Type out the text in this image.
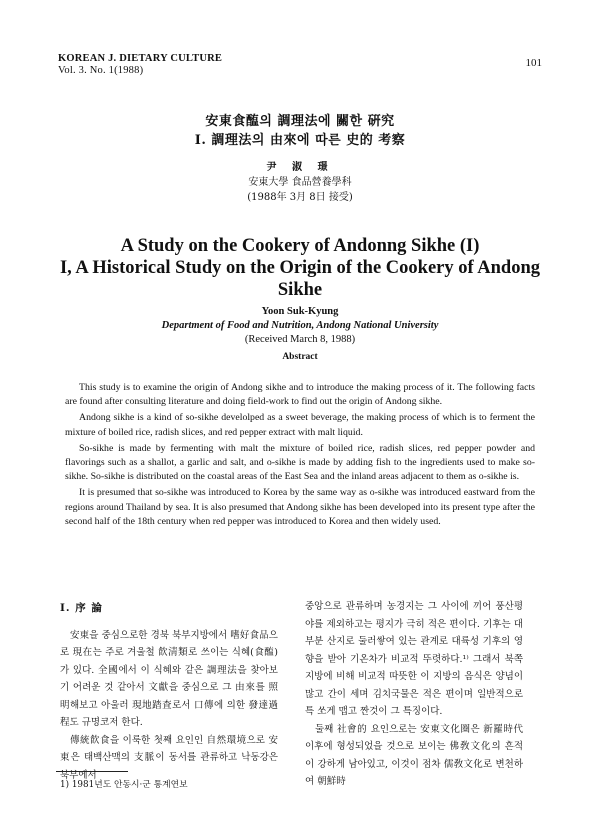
KOREAN J. DIETARY CULTURE
Vol. 3. No. 1(1988)
101
安東食醢의 調理法에 關한 硏究
I. 調理法의 由來에 따른 史的 考察
尹 淑 璟
安東大學 食品營養學科
(1988年 3月 8日 接受)
A Study on the Cookery of Andonng Sikhe (I)
I, A Historical Study on the Origin of the Cookery of Andong Sikhe
Yoon Suk-Kyung
Department of Food and Nutrition, Andong National University
(Received March 8, 1988)
Abstract

This study is to examine the origin of Andong sikhe and to introduce the making process of it. The following facts are found after consulting literature and doing field-work to find out the origin of Andong sikhe.

Andong sikhe is a kind of so-sikhe develolped as a sweet beverage, the making process of which is to ferment the mixture of boiled rice, radish slices, and red pepper extract with malt liquid.

So-sikhe is made by fermenting with malt the mixture of boiled rice, radish slices, red pepper powder and flavorings such as a shallot, a garlic and salt, and o-sikhe is made by adding fish to the ingredients used to make so-sikhe. So-sikhe is distributed on the coastal areas of the East Sea and the inland areas adjacent to them as o-sikhe is.

It is presumed that so-sikhe was introduced to Korea by the same way as o-sikhe was introduced eastward from the regions around Thailand by sea. It is also presumed that Andong sikhe has been developed into its present type after the second half of the 18th century when red pepper was introduced to Korea and then widely used.

I. 序 論

安東을 중심으로한 경북 북부지방에서 嗜好食品으로 現在는 주로 겨울철 飮淸類로 쓰이는 식혜(食醢)가 있다. 全國에서 이 식혜와 같은 調理法을 찾아보기 어려운 것 같아서 文獻을 중심으로 그 由來를 照明해보고 아울러 現地踏査로서 口傳에 의한 發達過程도 규명코저 한다.

傳統飮食을 이룩한 첫째 요인인 自然環境으로 安東은 태백산맥의 支脈이 동서를 관류하고 낙동강은 북부에서

중앙으로 관류하며 농경지는 그 사이에 끼어 풍산평야를 제외하고는 평지가 극히 적은 편이다. 기후는 대부분 산지로 둘러쌓여 있는 관계로 대륙성 기후의 영향을 받아 기온차가 비교적 뚜렷하다.¹⁾ 그래서 북쪽 지방에 비해 비교적 따뜻한 이 지방의 음식은 양념이 많고 간이 세며 김치국물은 적은 편이며 일반적으로 특 쏘게 맵고 짠것이 그 특징이다.

둘째 社會的 요인으로는 安東文化圈은 新羅時代 이후에 형성되었을 것으로 보이는 佛敎文化의 흔적이 강하게 남아있고, 이것이 점차 儒敎文化로 변천하여 朝鮮時

1) 1981년도 안동시·군 통계연보
